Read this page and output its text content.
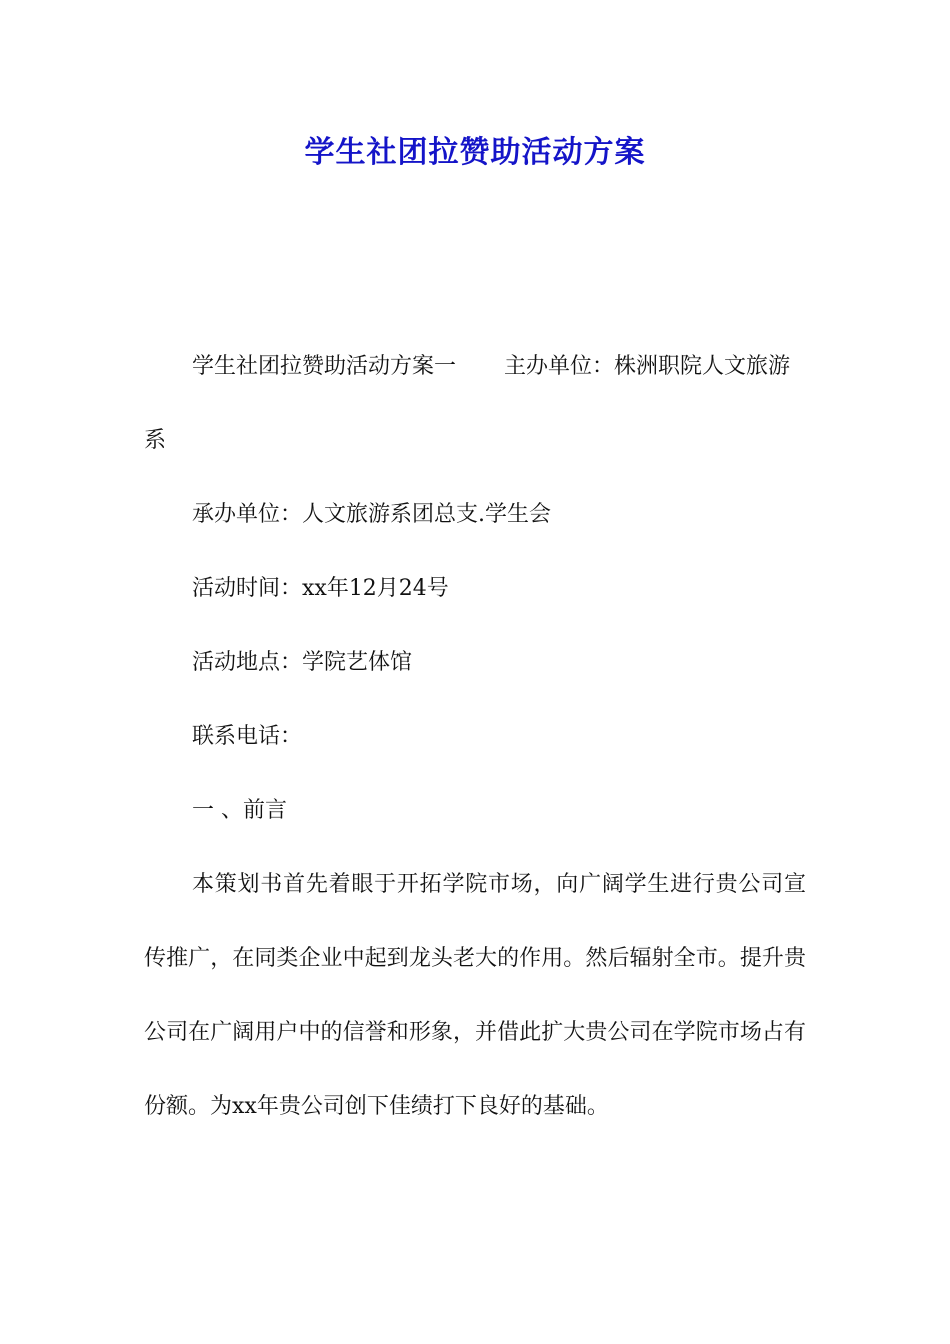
学生社团拉赞助活动方案

学生社团拉赞助活动方案一 主办单位：株洲职院人文旅游系

承办单位：人文旅游系团总支.学生会

活动时间：xx年12月24号

活动地点：学院艺体馆

联系电话：

一 、前言

本策划书首先着眼于开拓学院市场，向广阔学生进行贵公司宣传推广，在同类企业中起到龙头老大的作用。然后辐射全市。提升贵公司在广阔用户中的信誉和形象，并借此扩大贵公司在学院市场占有份额。为xx年贵公司创下佳绩打下良好的基础。
